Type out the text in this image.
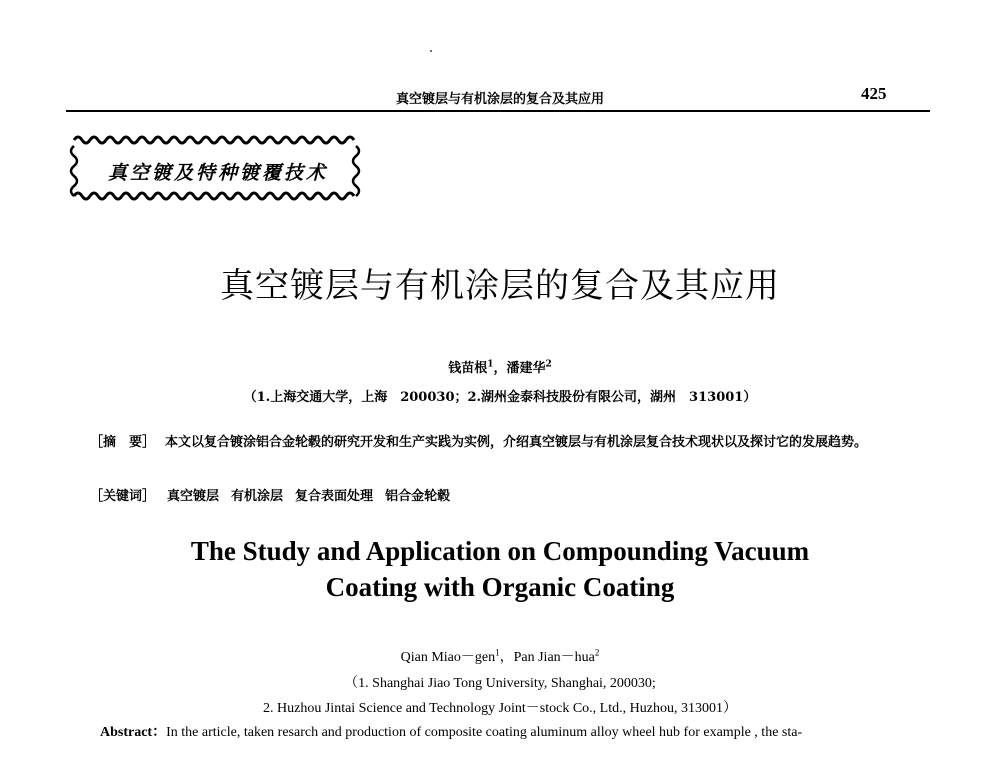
真空镀层与有机涂层的复合及其应用	425
真空镀及特种镀覆技术
真空镀层与有机涂层的复合及其应用
钱苗根$^1$，潘建华$^2$
（1.上海交通大学，上海　200030；2.湖州金泰科技股份有限公司，湖州　313001）
［摘　要］ 本文以复合镀涂铝合金轮毂的研究开发和生产实践为实例，介绍真空镀层与有机涂层复合技术现状以及探讨它的发展趋势。
［关键词］ 真空镀层 有机涂层 复合表面处理 铝合金轮毂
The Study and Application on Compounding Vacuum
Coating with Organic Coating
Qian Miao－gen$^1$，Pan Jian－hua$^2$
（1. Shanghai Jiao Tong University, Shanghai, 200030;
2. Huzhou Jintai Science and Technology Joint－stock Co., Ltd., Huzhou, 313001）
Abstract：In the article, taken resarch and production of composite coating aluminum alloy wheel hub for example , the sta-
